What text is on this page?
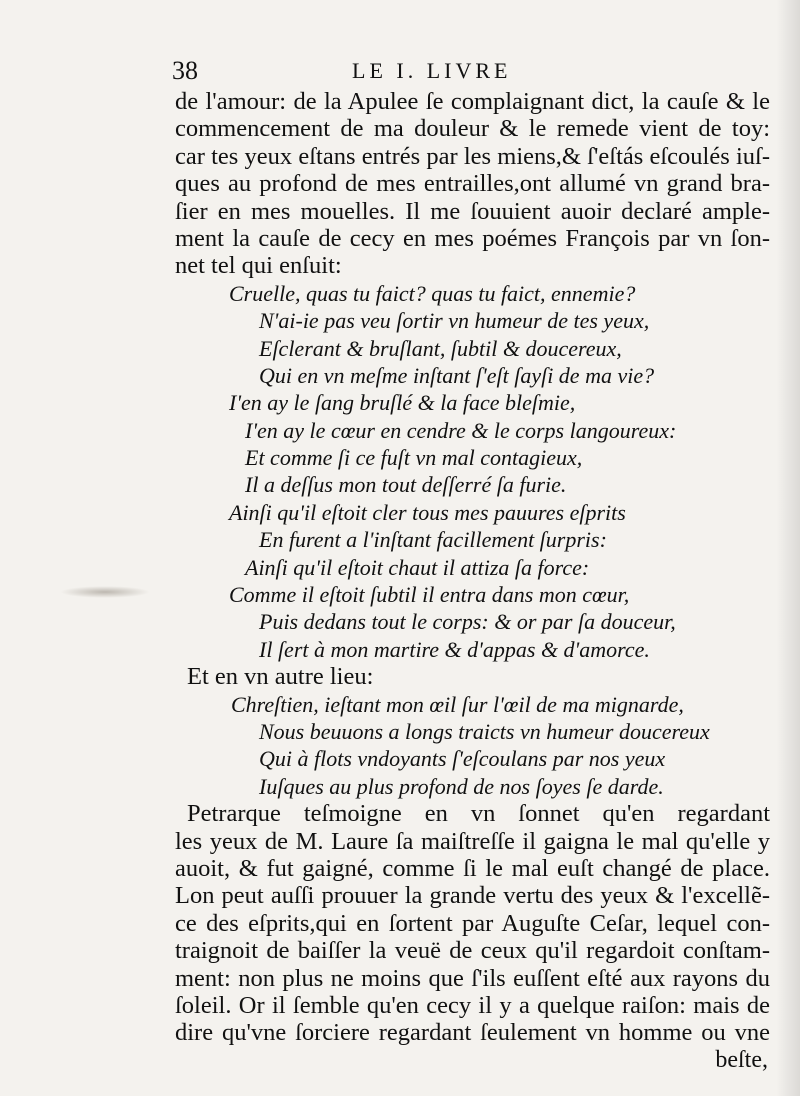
38	LE I. LIVRE
de l'amour: de la Apulee ſe complaignant dict, la cauſe & le
commencement de ma douleur & le remede vient de toy:
car tes yeux eſtans entrés par les miens,& ſ'eſtás eſcoulés iuſ-
ques au profond de mes entrailles,ont allumé vn grand bra-
ſier en mes mouelles. Il me ſouuient auoir declaré ample-
ment la cauſe de cecy en mes poémes François par vn ſon-
net tel qui enſuit:
Cruelle, quas tu faict? quas tu faict, ennemie?
N'ai-ie pas veu ſortir vn humeur de tes yeux,
Eſclerant & bruſlant, ſubtil & doucereux,
Qui en vn meſme inſtant ſ'eſt ſayſi de ma vie?
I'en ay le ſang bruſlé & la face bleſmie,
I'en ay le cœur en cendre & le corps langoureux:
Et comme ſi ce fuſt vn mal contagieux,
Il a deſſus mon tout deſſerré ſa furie.
Ainſi qu'il eſtoit cler tous mes pauures eſprits
En furent a l'inſtant facillement ſurpris:
Ainſi qu'il eſtoit chaut il attiza ſa force:
Comme il eſtoit ſubtil il entra dans mon cœur,
Puis dedans tout le corps: & or par ſa douceur,
Il ſert à mon martire & d'appas & d'amorce.
Et en vn autre lieu:
Chreſtien, ieſtant mon œil ſur l'œil de ma mignarde,
Nous beuuons a longs traicts vn humeur doucereux
Qui à flots vndoyants ſ'eſcoulans par nos yeux
Iuſques au plus profond de nos ſoyes ſe darde.
Petrarque teſmoigne en vn ſonnet qu'en regardant
les yeux de M. Laure ſa maiſtreſſe il gaigna le mal qu'elle y
auoit, & fut gaigné, comme ſi le mal euſt changé de place.
Lon peut auſſi prouuer la grande vertu des yeux & l'excellẽ-
ce des eſprits,qui en ſortent par Auguſte Ceſar, lequel con-
traignoit de baiſſer la veuë de ceux qu'il regardoit conſtam-
ment: non plus ne moins que ſ'ils euſſent eſté aux rayons du
ſoleil. Or il ſemble qu'en cecy il y a quelque raiſon: mais de
dire qu'vne ſorciere regardant ſeulement vn homme ou vne
beſte,
